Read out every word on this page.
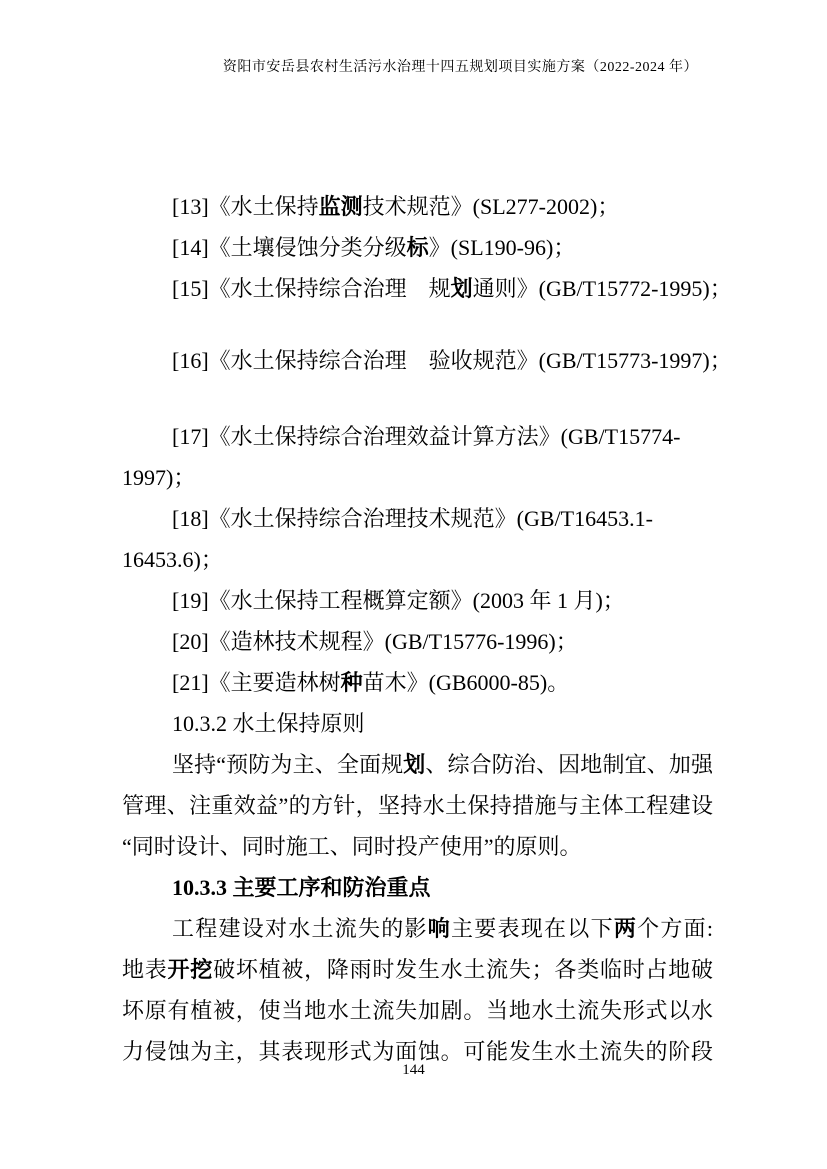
资阳市安岳县农村生活污水治理十四五规划项目实施方案（2022-2024 年）
[13]《水土保持监测技术规范》(SL277-2002)；
[14]《土壤侵蚀分类分级标》(SL190-96)；
[15]《水土保持综合治理　规划通则》(GB/T15772-1995)；
[16]《水土保持综合治理　验收规范》(GB/T15773-1997)；
[17]《水土保持综合治理效益计算方法》(GB/T15774-
1997)；
[18]《水土保持综合治理技术规范》(GB/T16453.1-
16453.6)；
[19]《水土保持工程概算定额》(2003 年 1 月)；
[20]《造林技术规程》(GB/T15776-1996)；
[21]《主要造林树种苗木》(GB6000-85)。
10.3.2 水土保持原则
坚持“预防为主、全面规划、综合防治、因地制宜、加强
管理、注重效益”的方针，坚持水土保持措施与主体工程建设
“同时设计、同时施工、同时投产使用”的原则。
10.3.3 主要工序和防治重点
工程建设对水土流失的影响主要表现在以下两个方面:
地表开挖破坏植被，降雨时发生水土流失；各类临时占地破
坏原有植被，使当地水土流失加剧。当地水土流失形式以水
力侵蚀为主，其表现形式为面蚀。可能发生水土流失的阶段
144
